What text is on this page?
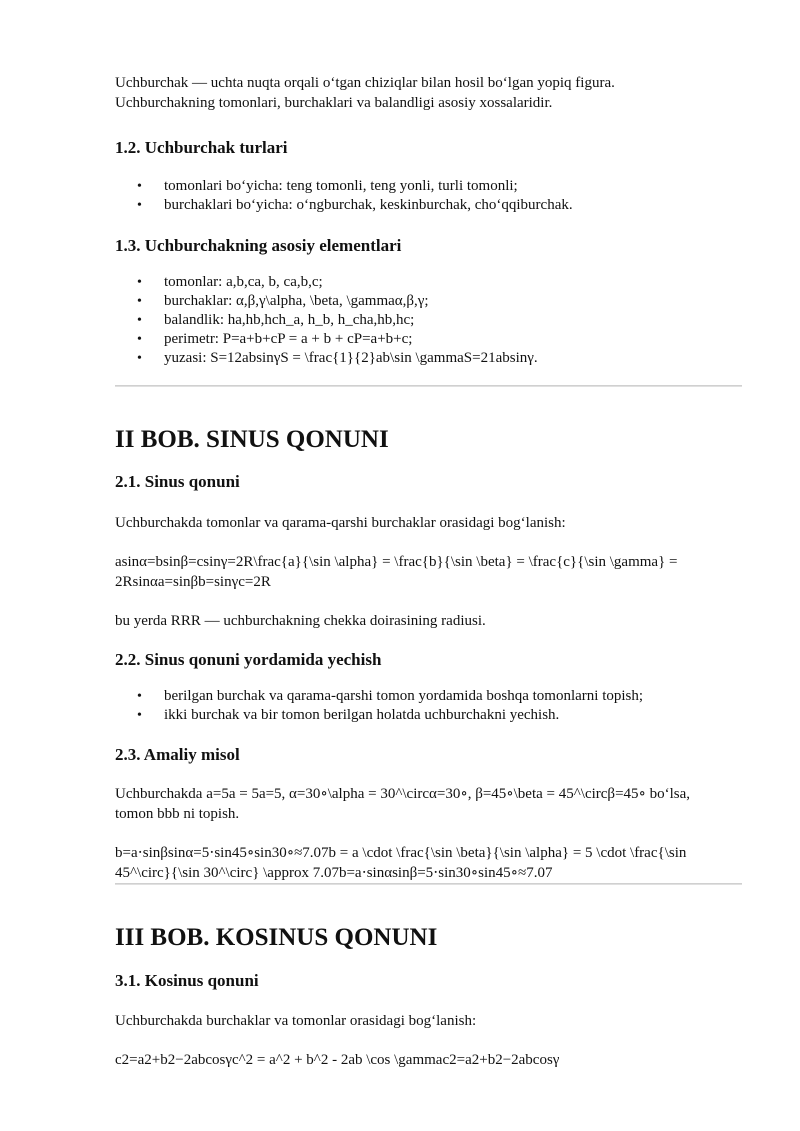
Uchburchak — uchta nuqta orqali o‘tgan chiziqlar bilan hosil bo‘lgan yopiq figura.

Uchburchakning tomonlari, burchaklari va balandligi asosiy xossalaridir.

1.2. Uchburchak turlari
• tomonlari bo‘yicha: teng tomonli, teng yonli, turli tomonli;
• burchaklari bo‘yicha: o‘ngburchak, keskinburchak, cho‘qqiburchak.
1.3. Uchburchakning asosiy elementlari
• tomonlar: a,b,ca, b, ca,b,c;
• burchaklar: α,β,γ\alpha, \beta, \gammaα,β,γ;
• balandlik: ha,hb,hch_a, h_b, h_cha,hb,hc;
• perimetr: P=a+b+cP = a + b + cP=a+b+c;
• yuzasi: S=12absinγS = \frac{1}{2}ab\sin \gammaS=21absinγ.
II BOB. SINUS QONUNI
2.1. Sinus qonuni

Uchburchakda tomonlar va qarama-qarshi burchaklar orasidagi bog‘lanish:

asinα=bsinβ=csinγ=2R\frac{a}{\sin \alpha} = \frac{b}{\sin \beta} = \frac{c}{\sin \gamma} =

2Rsinαa=sinβb=sinγc=2R

bu yerda RRR — uchburchakning chekka doirasining radiusi.

2.2. Sinus qonuni yordamida yechish
• berilgan burchak va qarama-qarshi tomon yordamida boshqa tomonlarni topish;
• ikki burchak va bir tomon berilgan holatda uchburchakni yechish.
2.3. Amaliy misol

Uchburchakda a=5a = 5a=5, α=30∘\alpha = 30^\circα=30∘, β=45∘\beta = 45^\circβ=45∘ bo‘lsa,

tomon bbb ni topish.

b=a⋅sinβsinα=5⋅sin45∘sin30∘≈7.07b = a \cdot \frac{\sin \beta}{\sin \alpha} = 5 \cdot \frac{\sin

45^\circ}{\sin 30^\circ} \approx 7.07b=a⋅sinαsinβ=5⋅sin30∘sin45∘≈7.07

III BOB. KOSINUS QONUNI
3.1. Kosinus qonuni

Uchburchakda burchaklar va tomonlar orasidagi bog‘lanish:

c2=a2+b2−2abcosγc^2 = a^2 + b^2 - 2ab \cos \gammac2=a2+b2−2abcosγ
